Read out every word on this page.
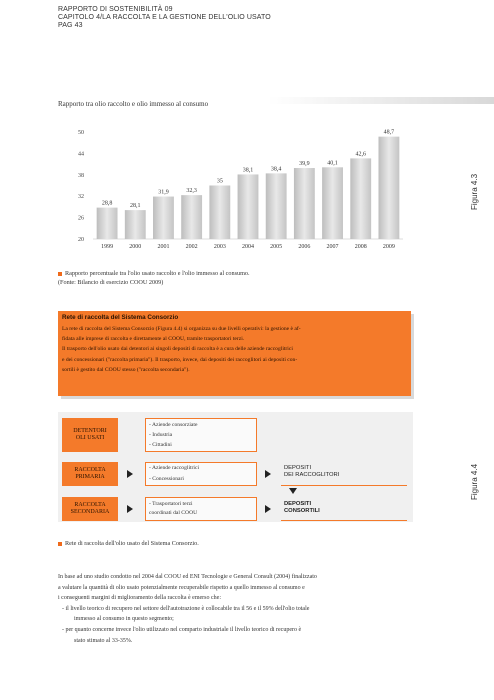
RAPPORTO DI SOSTENIBILITÀ 09
CAPITOLO 4/LA RACCOLTA E LA GESTIONE DELL'OLIO USATO
PAG 43
Rapporto tra olio raccolto e olio immesso al consumo
20
26
32
38
44
50
28,8
1999
28,1
2000
31,9
2001
32,3
2002
35
2003
38,1
2004
38,4
2005
39,9
2006
40,1
2007
42,6
2008
48,7
2009
Figura 4.3
Rapporto percentuale tra l'olio usato raccolto e l'olio immesso al consumo.
(Fonte: Bilancio di esercizio COOU 2009)
Rete di raccolta del Sistema Consorzio
La rete di raccolta del Sistema Consorzio (Figura 4.4) si organizza su due livelli operativi: la gestione è af-
fidata alle imprese di raccolta e direttamente al COOU, tramite trasportatori terzi.
Il trasporto dell'olio usato dai detentori ai singoli depositi di raccolta è a cura delle aziende raccoglitrici
e dei concessionari ("raccolta primaria"). Il trasporto, invece, dai depositi dei raccoglitori ai depositi con-
sortili è gestito dal COOU stesso ("raccolta secondaria").
DETENTORI
OLI USATI
- Aziende consorziate
- Industria
- Cittadini
RACCOLTA
PRIMARIA
- Aziende raccoglitrici
- Concessionari
DEPOSITI
DEI RACCOGLITORI
RACCOLTA
SECONDARIA
- Trasportatori terzi
coordinati dal COOU
DEPOSITI
CONSORTILI
Figura 4.4
Rete di raccolta dell'olio usato del Sistema Consorzio.
In base ad uno studio condotto nel 2004 dal COOU ed ENI Tecnologie e General Consult (2004) finalizzato
a valutare la quantità di olio usato potenzialmente recuperabile rispetto a quello immesso al consumo e
i conseguenti margini di miglioramento della raccolta è emerso che:
- il livello teorico di recupero nel settore dell'autotrazione è collocabile tra il 56 e il 59% dell'olio totale
immesso al consumo in questo segmento;
- per quanto concerne invece l'olio utilizzato nel comparto industriale il livello teorico di recupero è
stato stimato al 33-35%.
